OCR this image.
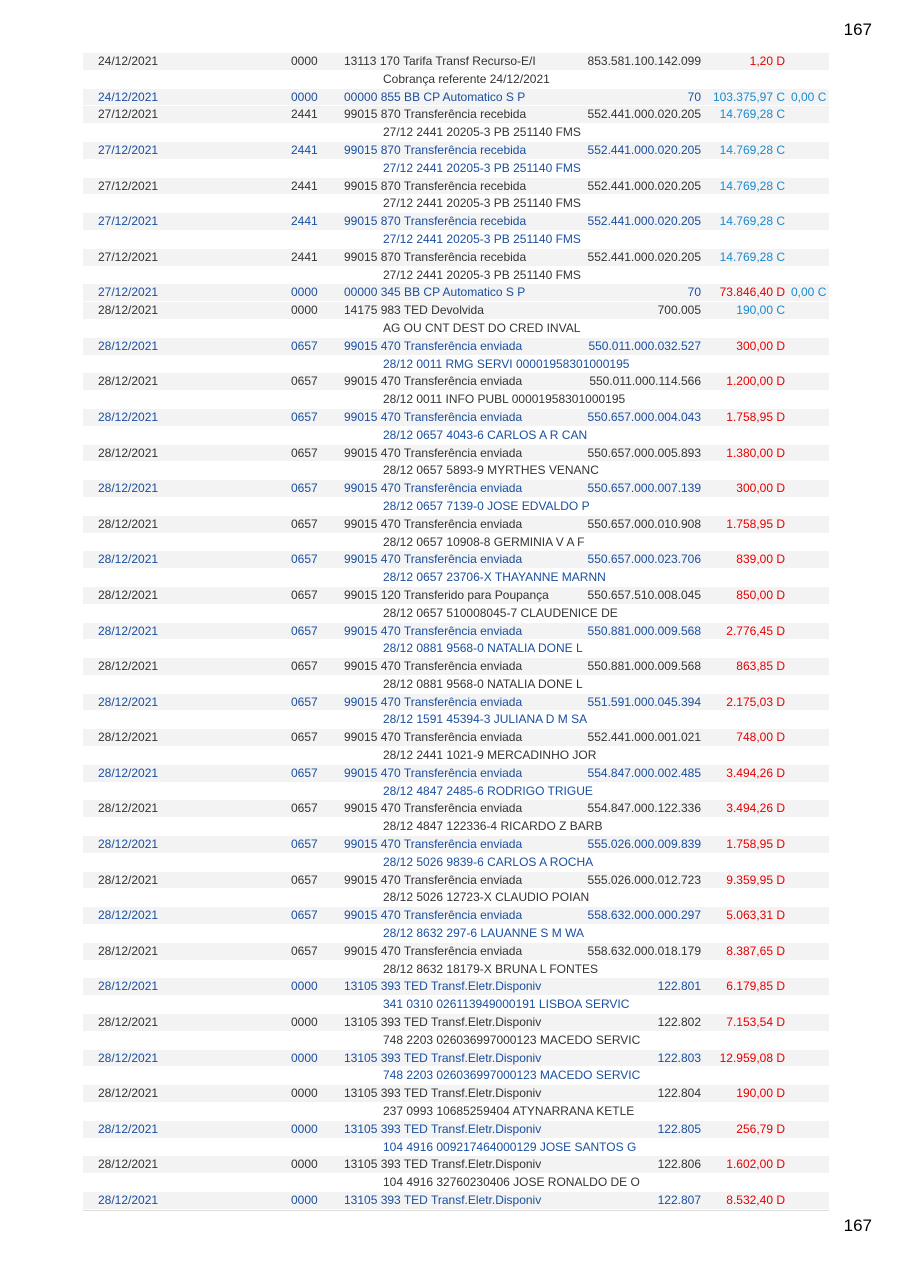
167
24/12/2021	0000 13113 170 Tarifa Transf Recurso-E/I	853.581.100.142.099	1,20 D
Cobrança referente 24/12/2021
24/12/2021	0000 00000 855 BB CP Automatico S P	70 103.375,97 C 0,00 C
27/12/2021	2441 99015 870 Transferência recebida	552.441.000.020.205 14.769,28 C
27/12 2441 20205-3 PB 251140 FMS
27/12/2021	2441 99015 870 Transferência recebida	552.441.000.020.205 14.769,28 C
27/12 2441 20205-3 PB 251140 FMS
27/12/2021	2441 99015 870 Transferência recebida	552.441.000.020.205 14.769,28 C
27/12 2441 20205-3 PB 251140 FMS
27/12/2021	2441 99015 870 Transferência recebida	552.441.000.020.205 14.769,28 C
27/12 2441 20205-3 PB 251140 FMS
27/12/2021	2441 99015 870 Transferência recebida	552.441.000.020.205 14.769,28 C
27/12 2441 20205-3 PB 251140 FMS
27/12/2021	0000 00000 345 BB CP Automatico S P	70 73.846,40 D 0,00 C
28/12/2021	0000 14175 983 TED Devolvida	700.005	190,00 C
AG OU CNT DEST DO CRED INVAL
28/12/2021	0657 99015 470 Transferência enviada	550.011.000.032.527	300,00 D
28/12 0011 RMG SERVI 00001958301000195
28/12/2021	0657 99015 470 Transferência enviada	550.011.000.114.566 1.200,00 D
28/12 0011 INFO PUBL 00001958301000195
28/12/2021	0657 99015 470 Transferência enviada	550.657.000.004.043 1.758,95 D
28/12 0657 4043-6 CARLOS A R CAN
28/12/2021	0657 99015 470 Transferência enviada	550.657.000.005.893 1.380,00 D
28/12 0657 5893-9 MYRTHES VENANC
28/12/2021	0657 99015 470 Transferência enviada	550.657.000.007.139	300,00 D
28/12 0657 7139-0 JOSE EDVALDO P
28/12/2021	0657 99015 470 Transferência enviada	550.657.000.010.908 1.758,95 D
28/12 0657 10908-8 GERMINIA V A F
28/12/2021	0657 99015 470 Transferência enviada	550.657.000.023.706	839,00 D
28/12 0657 23706-X THAYANNE MARNN
28/12/2021	0657 99015 120 Transferido para Poupança	550.657.510.008.045	850,00 D
28/12 0657 510008045-7 CLAUDENICE DE
28/12/2021	0657 99015 470 Transferência enviada	550.881.000.009.568 2.776,45 D
28/12 0881 9568-0 NATALIA DONE L
28/12/2021	0657 99015 470 Transferência enviada	550.881.000.009.568	863,85 D
28/12 0881 9568-0 NATALIA DONE L
28/12/2021	0657 99015 470 Transferência enviada	551.591.000.045.394 2.175,03 D
28/12 1591 45394-3 JULIANA D M SA
28/12/2021	0657 99015 470 Transferência enviada	552.441.000.001.021	748,00 D
28/12 2441 1021-9 MERCADINHO JOR
28/12/2021	0657 99015 470 Transferência enviada	554.847.000.002.485 3.494,26 D
28/12 4847 2485-6 RODRIGO TRIGUE
28/12/2021	0657 99015 470 Transferência enviada	554.847.000.122.336 3.494,26 D
28/12 4847 122336-4 RICARDO Z BARB
28/12/2021	0657 99015 470 Transferência enviada	555.026.000.009.839 1.758,95 D
28/12 5026 9839-6 CARLOS A ROCHA
28/12/2021	0657 99015 470 Transferência enviada	555.026.000.012.723 9.359,95 D
28/12 5026 12723-X CLAUDIO POIAN
28/12/2021	0657 99015 470 Transferência enviada	558.632.000.000.297 5.063,31 D
28/12 8632 297-6 LAUANNE S M WA
28/12/2021	0657 99015 470 Transferência enviada	558.632.000.018.179 8.387,65 D
28/12 8632 18179-X BRUNA L FONTES
28/12/2021	0000 13105 393 TED Transf.Eletr.Disponiv	122.801 6.179,85 D
341 0310 026113949000191 LISBOA SERVIC
28/12/2021	0000 13105 393 TED Transf.Eletr.Disponiv	122.802 7.153,54 D
748 2203 026036997000123 MACEDO SERVIC
28/12/2021	0000 13105 393 TED Transf.Eletr.Disponiv	122.803 12.959,08 D
748 2203 026036997000123 MACEDO SERVIC
28/12/2021	0000 13105 393 TED Transf.Eletr.Disponiv	122.804	190,00 D
237 0993 10685259404 ATYNARRANA KETLE
28/12/2021	0000 13105 393 TED Transf.Eletr.Disponiv	122.805	256,79 D
104 4916 009217464000129 JOSE SANTOS G
28/12/2021	0000 13105 393 TED Transf.Eletr.Disponiv	122.806 1.602,00 D
104 4916 32760230406 JOSE RONALDO DE O
28/12/2021	0000 13105 393 TED Transf.Eletr.Disponiv	122.807 8.532,40 D
167
